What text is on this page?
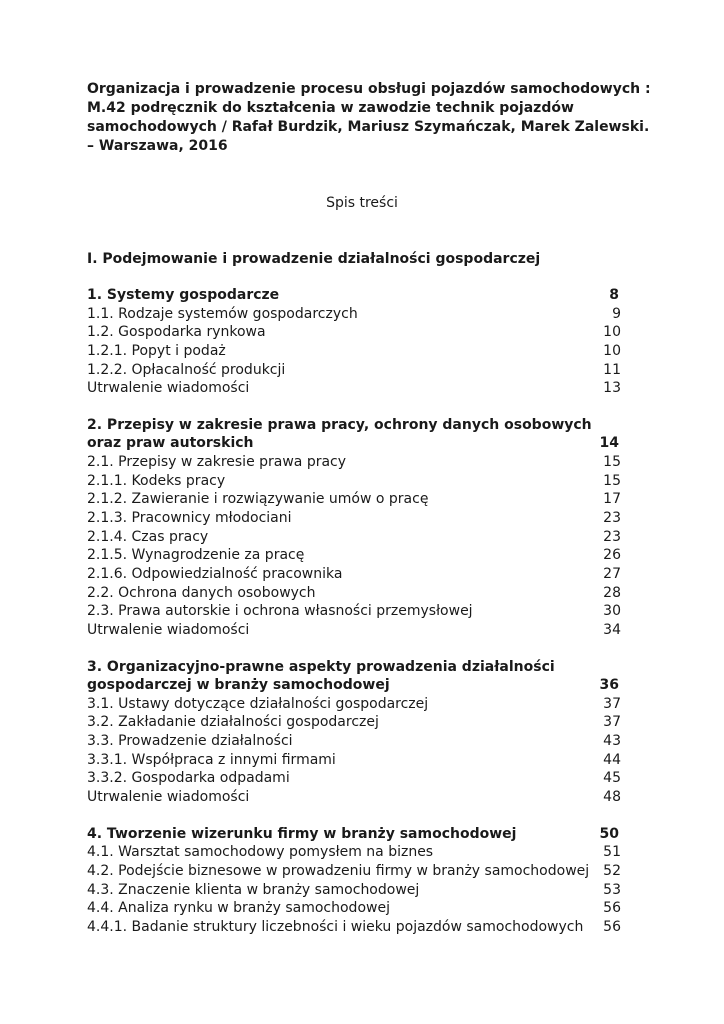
Organizacja i prowadzenie procesu obsługi pojazdów samochodowych :
M.42 podręcznik do kształcenia w zawodzie technik pojazdów
samochodowych / Rafał Burdzik, Mariusz Szymańczak, Marek Zalewski.
– Warszawa, 2016
Spis treści
I. Podejmowanie i prowadzenie działalności gospodarczej
1. Systemy gospodarcze	8
1.1. Rodzaje systemów gospodarczych	9
1.2. Gospodarka rynkowa	10
1.2.1. Popyt i podaż	10
1.2.2. Opłacalność produkcji	11
Utrwalenie wiadomości	13
2. Przepisy w zakresie prawa pracy, ochrony danych osobowych
oraz praw autorskich	14
2.1. Przepisy w zakresie prawa pracy	15
2.1.1. Kodeks pracy	15
2.1.2. Zawieranie i rozwiązywanie umów o pracę	17
2.1.3. Pracownicy młodociani	23
2.1.4. Czas pracy	23
2.1.5. Wynagrodzenie za pracę	26
2.1.6. Odpowiedzialność pracownika	27
2.2. Ochrona danych osobowych	28
2.3. Prawa autorskie i ochrona własności przemysłowej	30
Utrwalenie wiadomości	34
3. Organizacyjno-prawne aspekty prowadzenia działalności
gospodarczej w branży samochodowej	36
3.1. Ustawy dotyczące działalności gospodarczej	37
3.2. Zakładanie działalności gospodarczej	37
3.3. Prowadzenie działalności	43
3.3.1. Współpraca z innymi firmami	44
3.3.2. Gospodarka odpadami	45
Utrwalenie wiadomości	48
4. Tworzenie wizerunku firmy w branży samochodowej	50
4.1. Warsztat samochodowy pomysłem na biznes	51
4.2. Podejście biznesowe w prowadzeniu firmy w branży samochodowej 52
4.3. Znaczenie klienta w branży samochodowej	53
4.4. Analiza rynku w branży samochodowej	56
4.4.1. Badanie struktury liczebności i wieku pojazdów samochodowych 56
